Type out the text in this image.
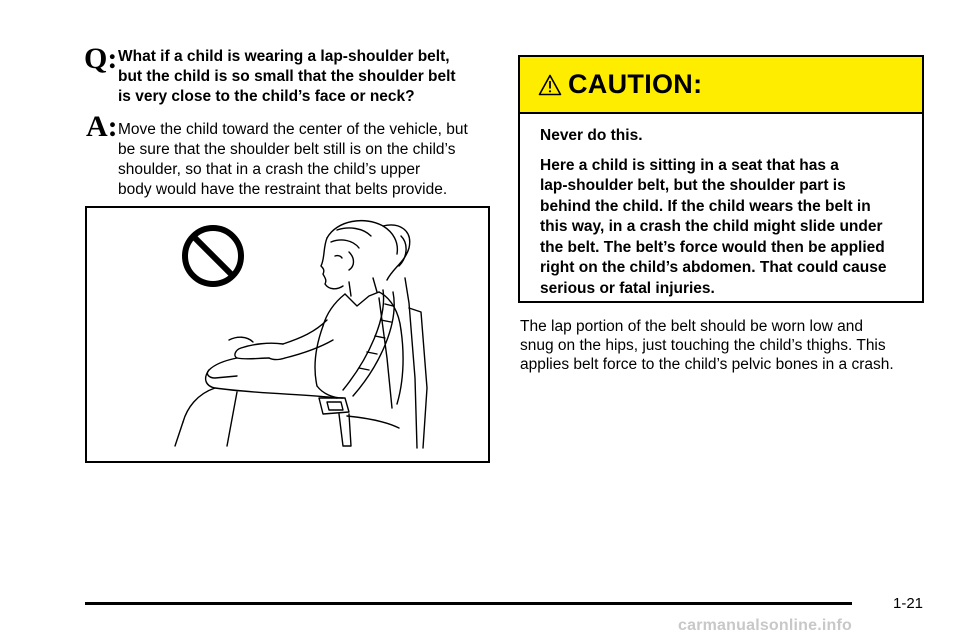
Q: What if a child is wearing a lap-shoulder belt,
but the child is so small that the shoulder belt
is very close to the child’s face or neck?
A: Move the child toward the center of the vehicle, but
be sure that the shoulder belt still is on the child’s
shoulder, so that in a crash the child’s upper
body would have the restraint that belts provide.
CAUTION:

Never do this.

Here a child is sitting in a seat that has a
lap-shoulder belt, but the shoulder part is
behind the child. If the child wears the belt in
this way, in a crash the child might slide under
the belt. The belt’s force would then be applied
right on the child’s abdomen. That could cause
serious or fatal injuries.

The lap portion of the belt should be worn low and
snug on the hips, just touching the child’s thighs. This
applies belt force to the child’s pelvic bones in a crash.
1-21
carmanualsonline.info
